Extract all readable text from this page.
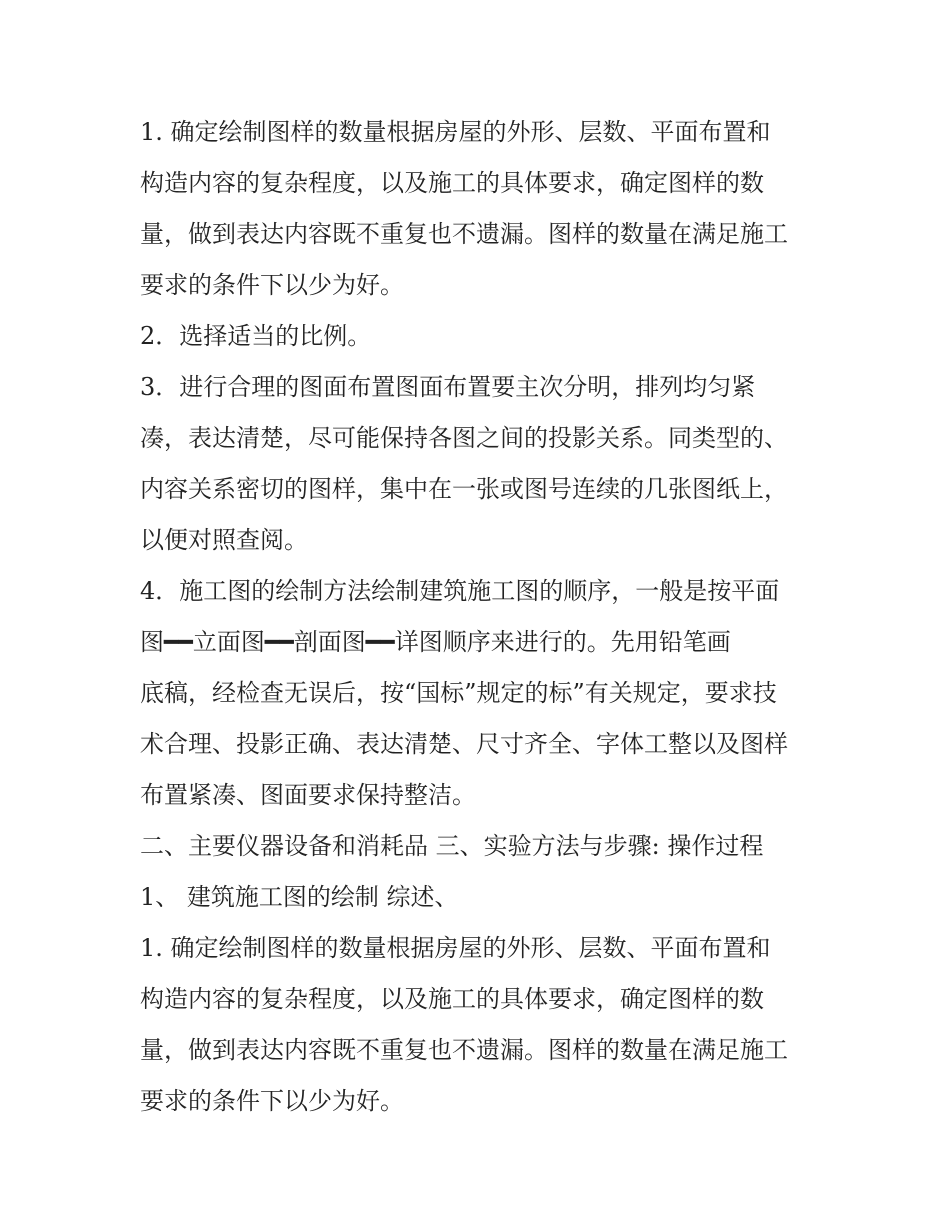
1. 确定绘制图样的数量根据房屋的外形、层数、平面布置和
构造内容的复杂程度，以及施工的具体要求，确定图样的数
量，做到表达内容既不重复也不遗漏。图样的数量在满足施工
要求的条件下以少为好。

2．选择适当的比例。

3．进行合理的图面布置图面布置要主次分明，排列均匀紧
凑，表达清楚，尽可能保持各图之间的投影关系。同类型的、
内容关系密切的图样，集中在一张或图号连续的几张图纸上，
以便对照查阅。

4．施工图的绘制方法绘制建筑施工图的顺序，一般是按平面
图━━立面图━━剖面图━━详图顺序来进行的。先用铅笔画
底稿，经检查无误后，按“国标”规定的标”有关规定，要求技
术合理、投影正确、表达清楚、尺寸齐全、字体工整以及图样
布置紧凑、图面要求保持整洁。

二、主要仪器设备和消耗品 三、实验方法与步骤: 操作过程

1、 建筑施工图的绘制 综述、

1. 确定绘制图样的数量根据房屋的外形、层数、平面布置和
构造内容的复杂程度，以及施工的具体要求，确定图样的数
量，做到表达内容既不重复也不遗漏。图样的数量在满足施工
要求的条件下以少为好。
